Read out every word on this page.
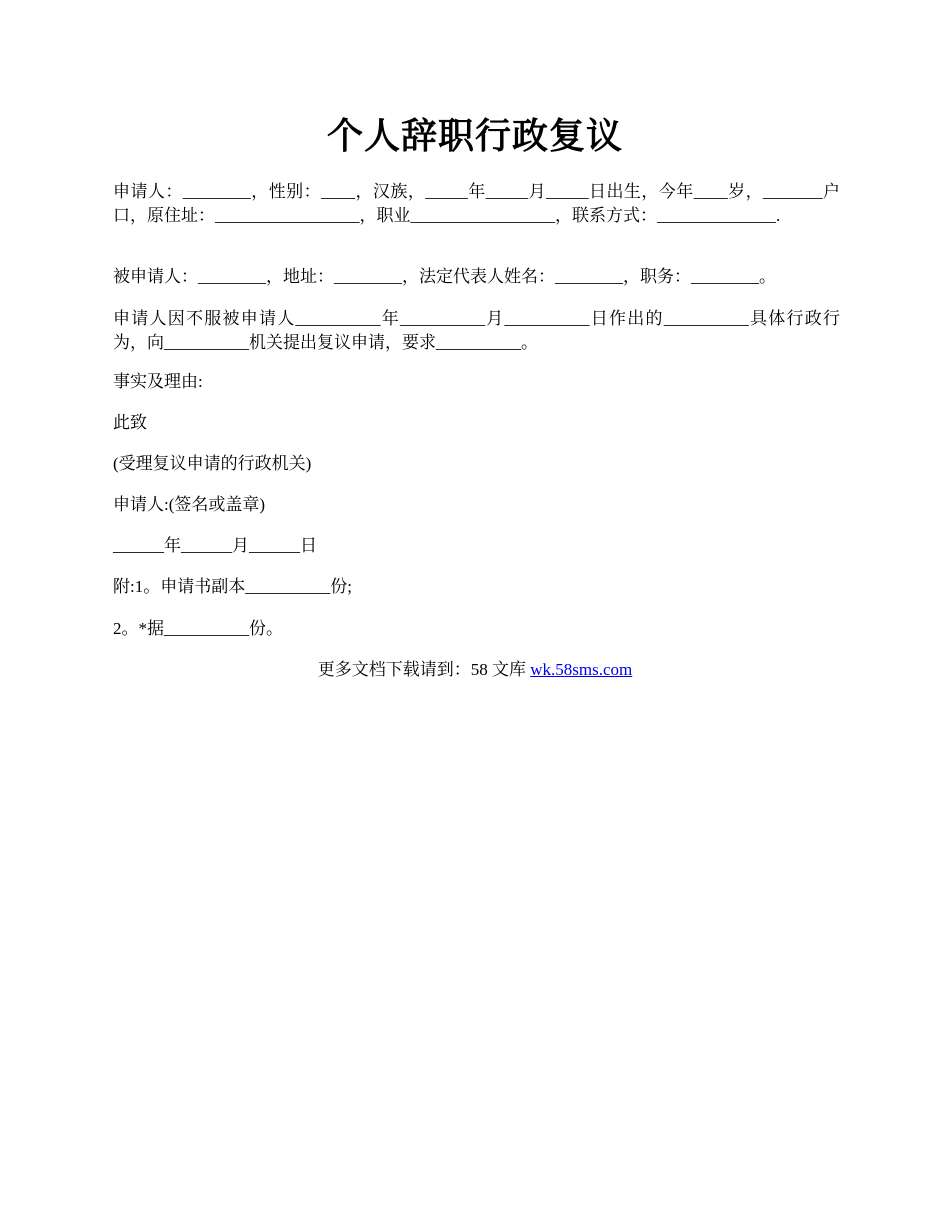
个人辞职行政复议

申请人：________，性别：____，汉族，_____年_____月_____日出生，今年____岁，_______户口，原住址：_________________，职业_________________，联系方式：______________.

被申请人：________，地址：________，法定代表人姓名：________，职务：________。

申请人因不服被申请人__________年__________月__________日作出的__________具体行政行为，向__________机关提出复议申请，要求__________。

事实及理由:

此致

(受理复议申请的行政机关)

申请人:(签名或盖章)

______年______月______日

附:1。申请书副本__________份;

2。*据__________份。

更多文档下载请到：58 文库 wk.58sms.com
